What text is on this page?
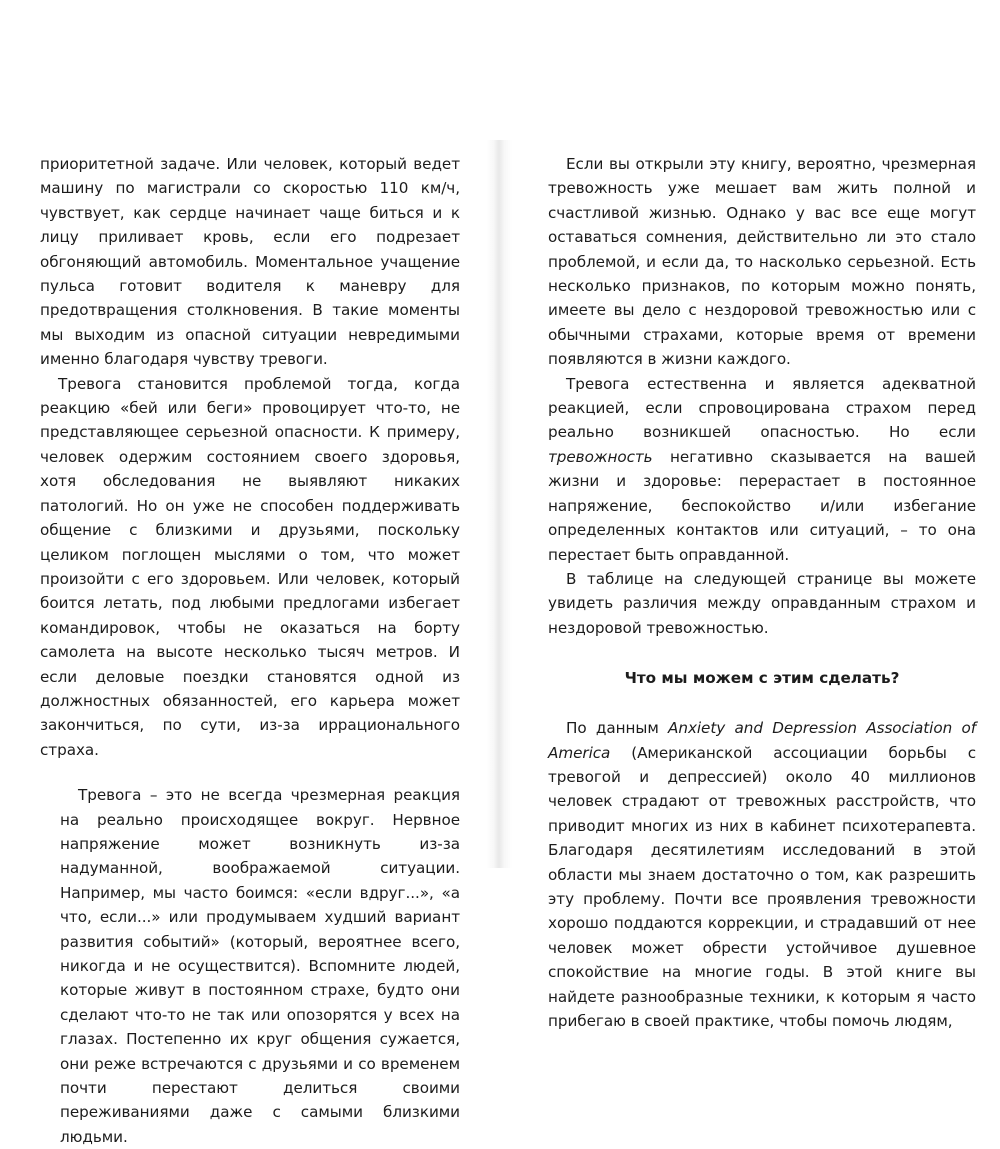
приоритетной задаче. Или человек, который ведет машину по магистрали со скоростью 110 км/ч, чувствует, как сердце начинает чаще биться и к лицу приливает кровь, если его подрезает обгоняющий автомобиль. Моментальное учащение пульса готовит водителя к маневру для предотвращения столкновения. В такие моменты мы выходим из опасной ситуации невредимыми именно благодаря чувству тревоги.

Тревога становится проблемой тогда, когда реакцию «бей или беги» провоцирует что-то, не представляющее серьезной опасности. К примеру, человек одержим состоянием своего здоровья, хотя обследования не выявляют никаких патологий. Но он уже не способен поддерживать общение с близкими и друзьями, поскольку целиком поглощен мыслями о том, что может произойти с его здоровьем. Или человек, который боится летать, под любыми предлогами избегает командировок, чтобы не оказаться на борту самолета на высоте несколько тысяч метров. И если деловые поездки становятся одной из должностных обязанностей, его карьера может закончиться, по сути, из-за иррационального страха.

Тревога – это не всегда чрезмерная реакция на реально происходящее вокруг. Нервное напряжение может возникнуть из-за надуманной, воображаемой ситуации. Например, мы часто боимся: «если вдруг...», «а что, если...» или продумываем худший вариант развития событий» (который, вероятнее всего, никогда и не осуществится). Вспомните людей, которые живут в постоянном страхе, будто они сделают что-то не так или опозорятся у всех на глазах. Постепенно их круг общения сужается, они реже встречаются с друзьями и со временем почти перестают делиться своими переживаниями даже с самыми близкими людьми.

Если вы открыли эту книгу, вероятно, чрезмерная тревожность уже мешает вам жить полной и счастливой жизнью. Однако у вас все еще могут оставаться сомнения, действительно ли это стало проблемой, и если да, то насколько серьезной. Есть несколько признаков, по которым можно понять, имеете вы дело с нездоровой тревожностью или с обычными страхами, которые время от времени появляются в жизни каждого.

Тревога естественна и является адекватной реакцией, если спровоцирована страхом перед реально возникшей опасностью. Но если тревожность негативно сказывается на вашей жизни и здоровье: перерастает в постоянное напряжение, беспокойство и/или избегание определенных контактов или ситуаций, – то она перестает быть оправданной.

В таблице на следующей странице вы можете увидеть различия между оправданным страхом и нездоровой тревожностью.

Что мы можем с этим сделать?

По данным Anxiety and Depression Association of America (Американской ассоциации борьбы с тревогой и депрессией) около 40 миллионов человек страдают от тревожных расстройств, что приводит многих из них в кабинет психотерапевта. Благодаря десятилетиям исследований в этой области мы знаем достаточно о том, как разрешить эту проблему. Почти все проявления тревожности хорошо поддаются коррекции, и страдавший от нее человек может обрести устойчивое душевное спокойствие на многие годы. В этой книге вы найдете разнообразные техники, к которым я часто прибегаю в своей практике, чтобы помочь людям,
